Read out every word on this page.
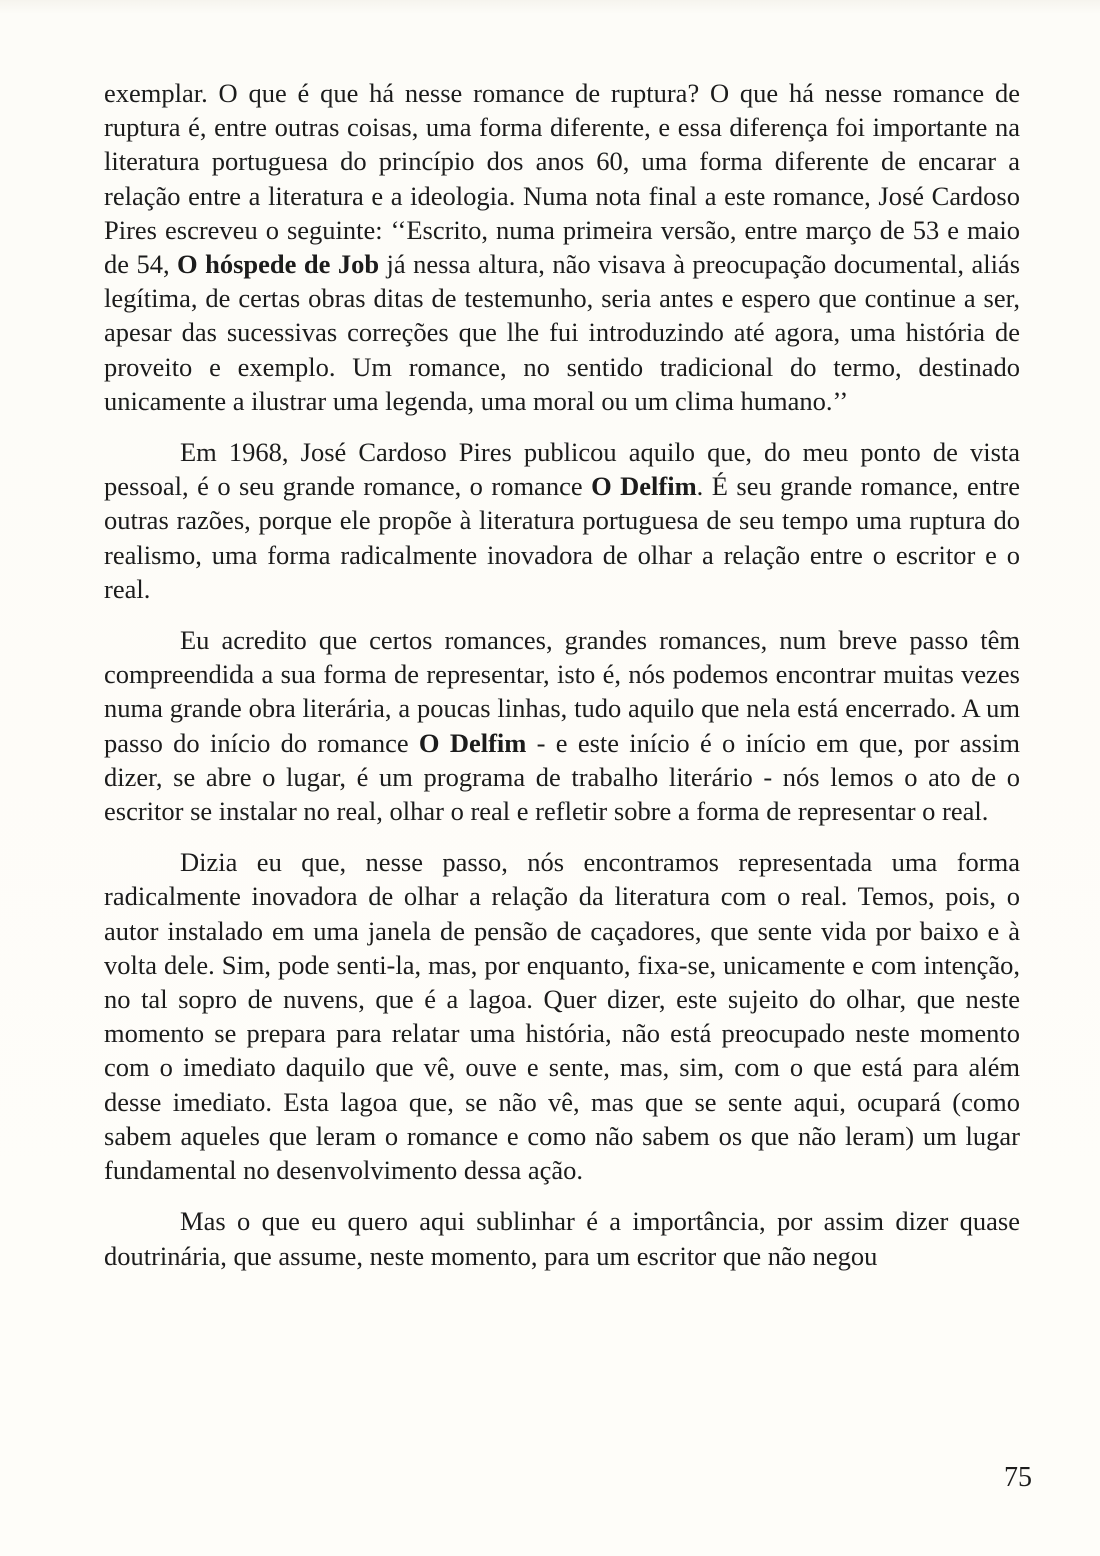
exemplar. O que é que há nesse romance de ruptura? O que há nesse romance de ruptura é, entre outras coisas, uma forma diferente, e essa diferença foi importante na literatura portuguesa do princípio dos anos 60, uma forma diferente de encarar a relação entre a literatura e a ideologia. Numa nota final a este romance, José Cardoso Pires escreveu o seguinte: ‘‘Escrito, numa primeira versão, entre março de 53 e maio de 54, O hóspede de Job já nessa altura, não visava à preocupação documental, aliás legítima, de certas obras ditas de testemunho, seria antes e espero que continue a ser, apesar das sucessivas correções que lhe fui introduzindo até agora, uma história de proveito e exemplo. Um romance, no sentido tradicional do termo, destinado unicamente a ilustrar uma legenda, uma moral ou um clima humano.’’

Em 1968, José Cardoso Pires publicou aquilo que, do meu ponto de vista pessoal, é o seu grande romance, o romance O Delfim. É seu grande romance, entre outras razões, porque ele propõe à literatura portuguesa de seu tempo uma ruptura do realismo, uma forma radicalmente inovadora de olhar a relação entre o escritor e o real.

Eu acredito que certos romances, grandes romances, num breve passo têm compreendida a sua forma de representar, isto é, nós podemos encontrar muitas vezes numa grande obra literária, a poucas linhas, tudo aquilo que nela está encerrado. A um passo do início do romance O Delfim - e este início é o início em que, por assim dizer, se abre o lugar, é um programa de trabalho literário - nós lemos o ato de o escritor se instalar no real, olhar o real e refletir sobre a forma de representar o real.

Dizia eu que, nesse passo, nós encontramos representada uma forma radicalmente inovadora de olhar a relação da literatura com o real. Temos, pois, o autor instalado em uma janela de pensão de caçadores, que sente vida por baixo e à volta dele. Sim, pode senti-la, mas, por enquanto, fixa-se, unicamente e com intenção, no tal sopro de nuvens, que é a lagoa. Quer dizer, este sujeito do olhar, que neste momento se prepara para relatar uma história, não está preocupado neste momento com o imediato daquilo que vê, ouve e sente, mas, sim, com o que está para além desse imediato. Esta lagoa que, se não vê, mas que se sente aqui, ocupará (como sabem aqueles que leram o romance e como não sabem os que não leram) um lugar fundamental no desenvolvimento dessa ação.

Mas o que eu quero aqui sublinhar é a importância, por assim dizer quase doutrinária, que assume, neste momento, para um escritor que não negou

75
